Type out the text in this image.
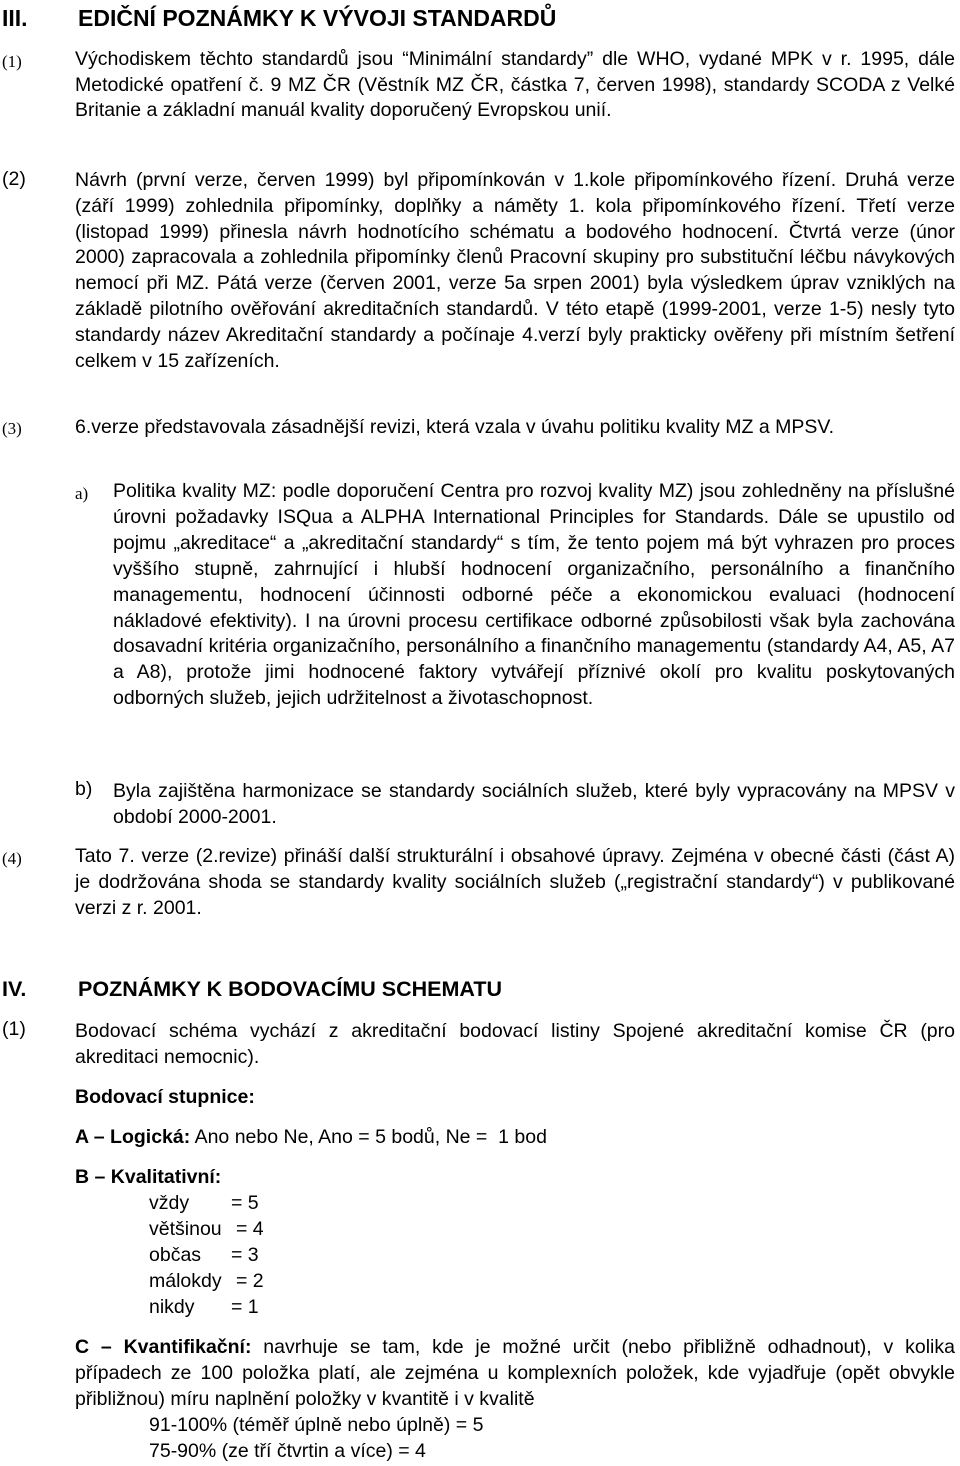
III. EDIČNÍ POZNÁMKY K VÝVOJI STANDARDŮ
(1)	Východiskem těchto standardů jsou “Minimální standardy” dle WHO, vydané MPK v r. 1995, dále Metodické opatření č. 9 MZ ČR (Věstník MZ ČR, částka 7, červen 1998), standardy SCODA z Velké Britanie a základní manuál kvality doporučený Evropskou unií.
(2)	Návrh (první verze, červen 1999) byl připomínkován v 1.kole připomínkového řízení. Druhá verze (září 1999) zohlednila připomínky, doplňky a náměty 1. kola připomínkového řízení. Třetí verze (listopad 1999) přinesla návrh hodnotícího schématu a bodového hodnocení. Čtvrtá verze (únor 2000) zapracovala a zohlednila připomínky členů Pracovní skupiny pro substituční léčbu návykových nemocí při MZ. Pátá verze (červen 2001, verze 5a srpen 2001) byla výsledkem úprav vzniklých na základě pilotního ověřování akreditačních standardů. V této etapě (1999-2001, verze 1-5) nesly tyto standardy název Akreditační standardy a počínaje 4.verzí byly prakticky ověřeny při místním šetření celkem v 15 zařízeních.
(3)	6.verze představovala zásadnější revizi, která vzala v úvahu politiku kvality MZ a MPSV.
a) Politika kvality MZ: podle doporučení Centra pro rozvoj kvality MZ) jsou zohledněny na příslušné úrovni požadavky ISQua a ALPHA International Principles for Standards. Dále se upustilo od pojmu „akreditace“ a „akreditační standardy“ s tím, že tento pojem má být vyhrazen pro proces vyššího stupně, zahrnující i hlubší hodnocení organizačního, personálního a finančního managementu, hodnocení účinnosti odborné péče a ekonomickou evaluaci (hodnocení nákladové efektivity). I na úrovni procesu certifikace odborné způsobilosti však byla zachována dosavadní kritéria organizačního, personálního a finančního managementu (standardy A4, A5, A7 a A8), protože jimi hodnocené faktory vytvářejí příznivé okolí pro kvalitu poskytovaných odborných služeb, jejich udržitelnost a životaschopnost.
b) Byla zajištěna harmonizace se standardy sociálních služeb, které byly vypracovány na MPSV v období 2000-2001.
(4)	Tato 7. verze (2.revize) přináší další strukturální i obsahové úpravy. Zejména v obecné části (část A) je dodržována shoda se standardy kvality sociálních služeb („registrační standardy“) v publikované verzi z r. 2001.
IV. POZNÁMKY K BODOVACÍMU SCHEMATU
(1)	Bodovací schéma vychází z akreditační bodovací listiny Spojené akreditační komise ČR (pro akreditaci nemocnic).
Bodovací stupnice:
A – Logická: Ano nebo Ne, Ano = 5 bodů, Ne =  1 bod
B – Kvalitativní:
vždy = 5
většinou = 4
občas = 3
málokdy = 2
nikdy = 1
C – Kvantifikační: navrhuje se tam, kde je možné určit (nebo přibližně odhadnout), v kolika případech ze 100 položka platí, ale zejména u komplexních položek, kde vyjadřuje (opět obvykle přibližnou) míru naplnění položky v kvantitě i v kvalitě
91-100% (téměř úplně nebo úplně) = 5
75-90% (ze tří čtvrtin a více) = 4
